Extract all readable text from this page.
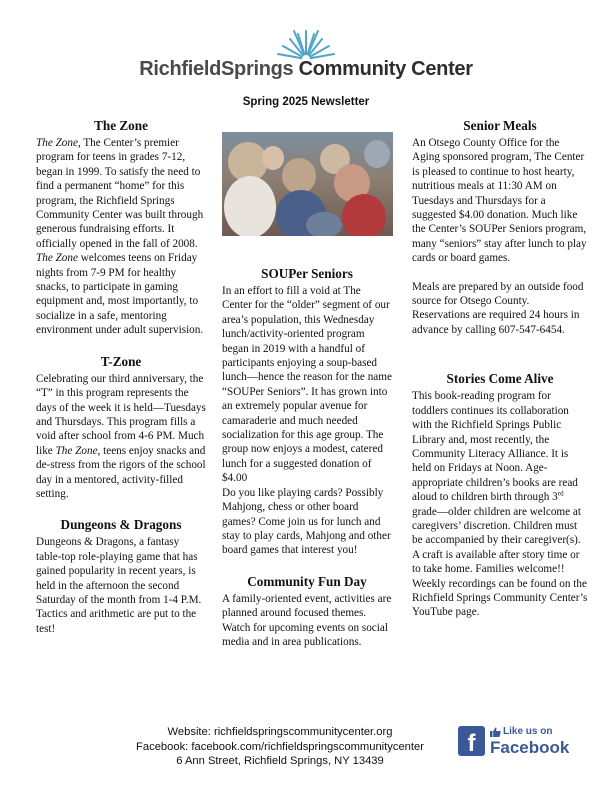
RichfieldSprings Community Center
Spring 2025 Newsletter
The Zone

The Zone, The Center’s premier program for teens in grades 7-12, began in 1999. To satisfy the need to find a permanent “home” for this program, the Richfield Springs Community Center was built through generous fundraising efforts. It officially opened in the fall of 2008. The Zone welcomes teens on Friday nights from 7-9 PM for healthy snacks, to participate in gaming equipment and, most importantly, to socialize in a safe, mentoring environment under adult supervision.

T-Zone

Celebrating our third anniversary, the “T” in this program represents the days of the week it is held—Tuesdays and Thursdays. This program fills a void after school from 4-6 PM. Much like The Zone, teens enjoy snacks and de-stress from the rigors of the school day in a mentored, activity-filled setting.

Dungeons & Dragons

Dungeons & Dragons, a fantasy table-top role-playing game that has gained popularity in recent years, is held in the afternoon the second Saturday of the month from 1-4 P.M. Tactics and arithmetic are put to the test!

SOUPer Seniors

In an effort to fill a void at The Center for the “older” segment of our area’s population, this Wednesday lunch/activity-oriented program began in 2019 with a handful of participants enjoying a soup-based lunch—hence the reason for the name “SOUPer Seniors”. It has grown into an extremely popular avenue for camaraderie and much needed socialization for this age group. The group now enjoys a modest, catered lunch for a suggested donation of $4.00

Do you like playing cards? Possibly Mahjong, chess or other board games? Come join us for lunch and stay to play cards, Mahjong and other board games that interest you!

Community Fun Day

A family-oriented event, activities are planned around focused themes. Watch for upcoming events on social media and in area publications.

Senior Meals

An Otsego County Office for the Aging sponsored program, The Center is pleased to continue to host hearty, nutritious meals at 11:30 AM on Tuesdays and Thursdays for a suggested $4.00 donation. Much like the Center’s SOUPer Seniors program, many “seniors” stay after lunch to play cards or board games.

Meals are prepared by an outside food source for Otsego County. Reservations are required 24 hours in advance by calling 607-547-6454.

Stories Come Alive

This book-reading program for toddlers continues its collaboration with the Richfield Springs Public Library and, most recently, the Community Literacy Alliance. It is held on Fridays at Noon. Age-appropriate children’s books are read aloud to children birth through 3rd grade—older children are welcome at caregivers’ discretion. Children must be accompanied by their caregiver(s). A craft is available after story time or to take home. Families welcome!! Weekly recordings can be found on the Richfield Springs Community Center’s YouTube page.

Website: richfieldspringscommunitycenter.org
Facebook: facebook.com/richfieldspringscommunitycenter
6 Ann Street, Richfield Springs, NY 13439
f	Like us on
Facebook
